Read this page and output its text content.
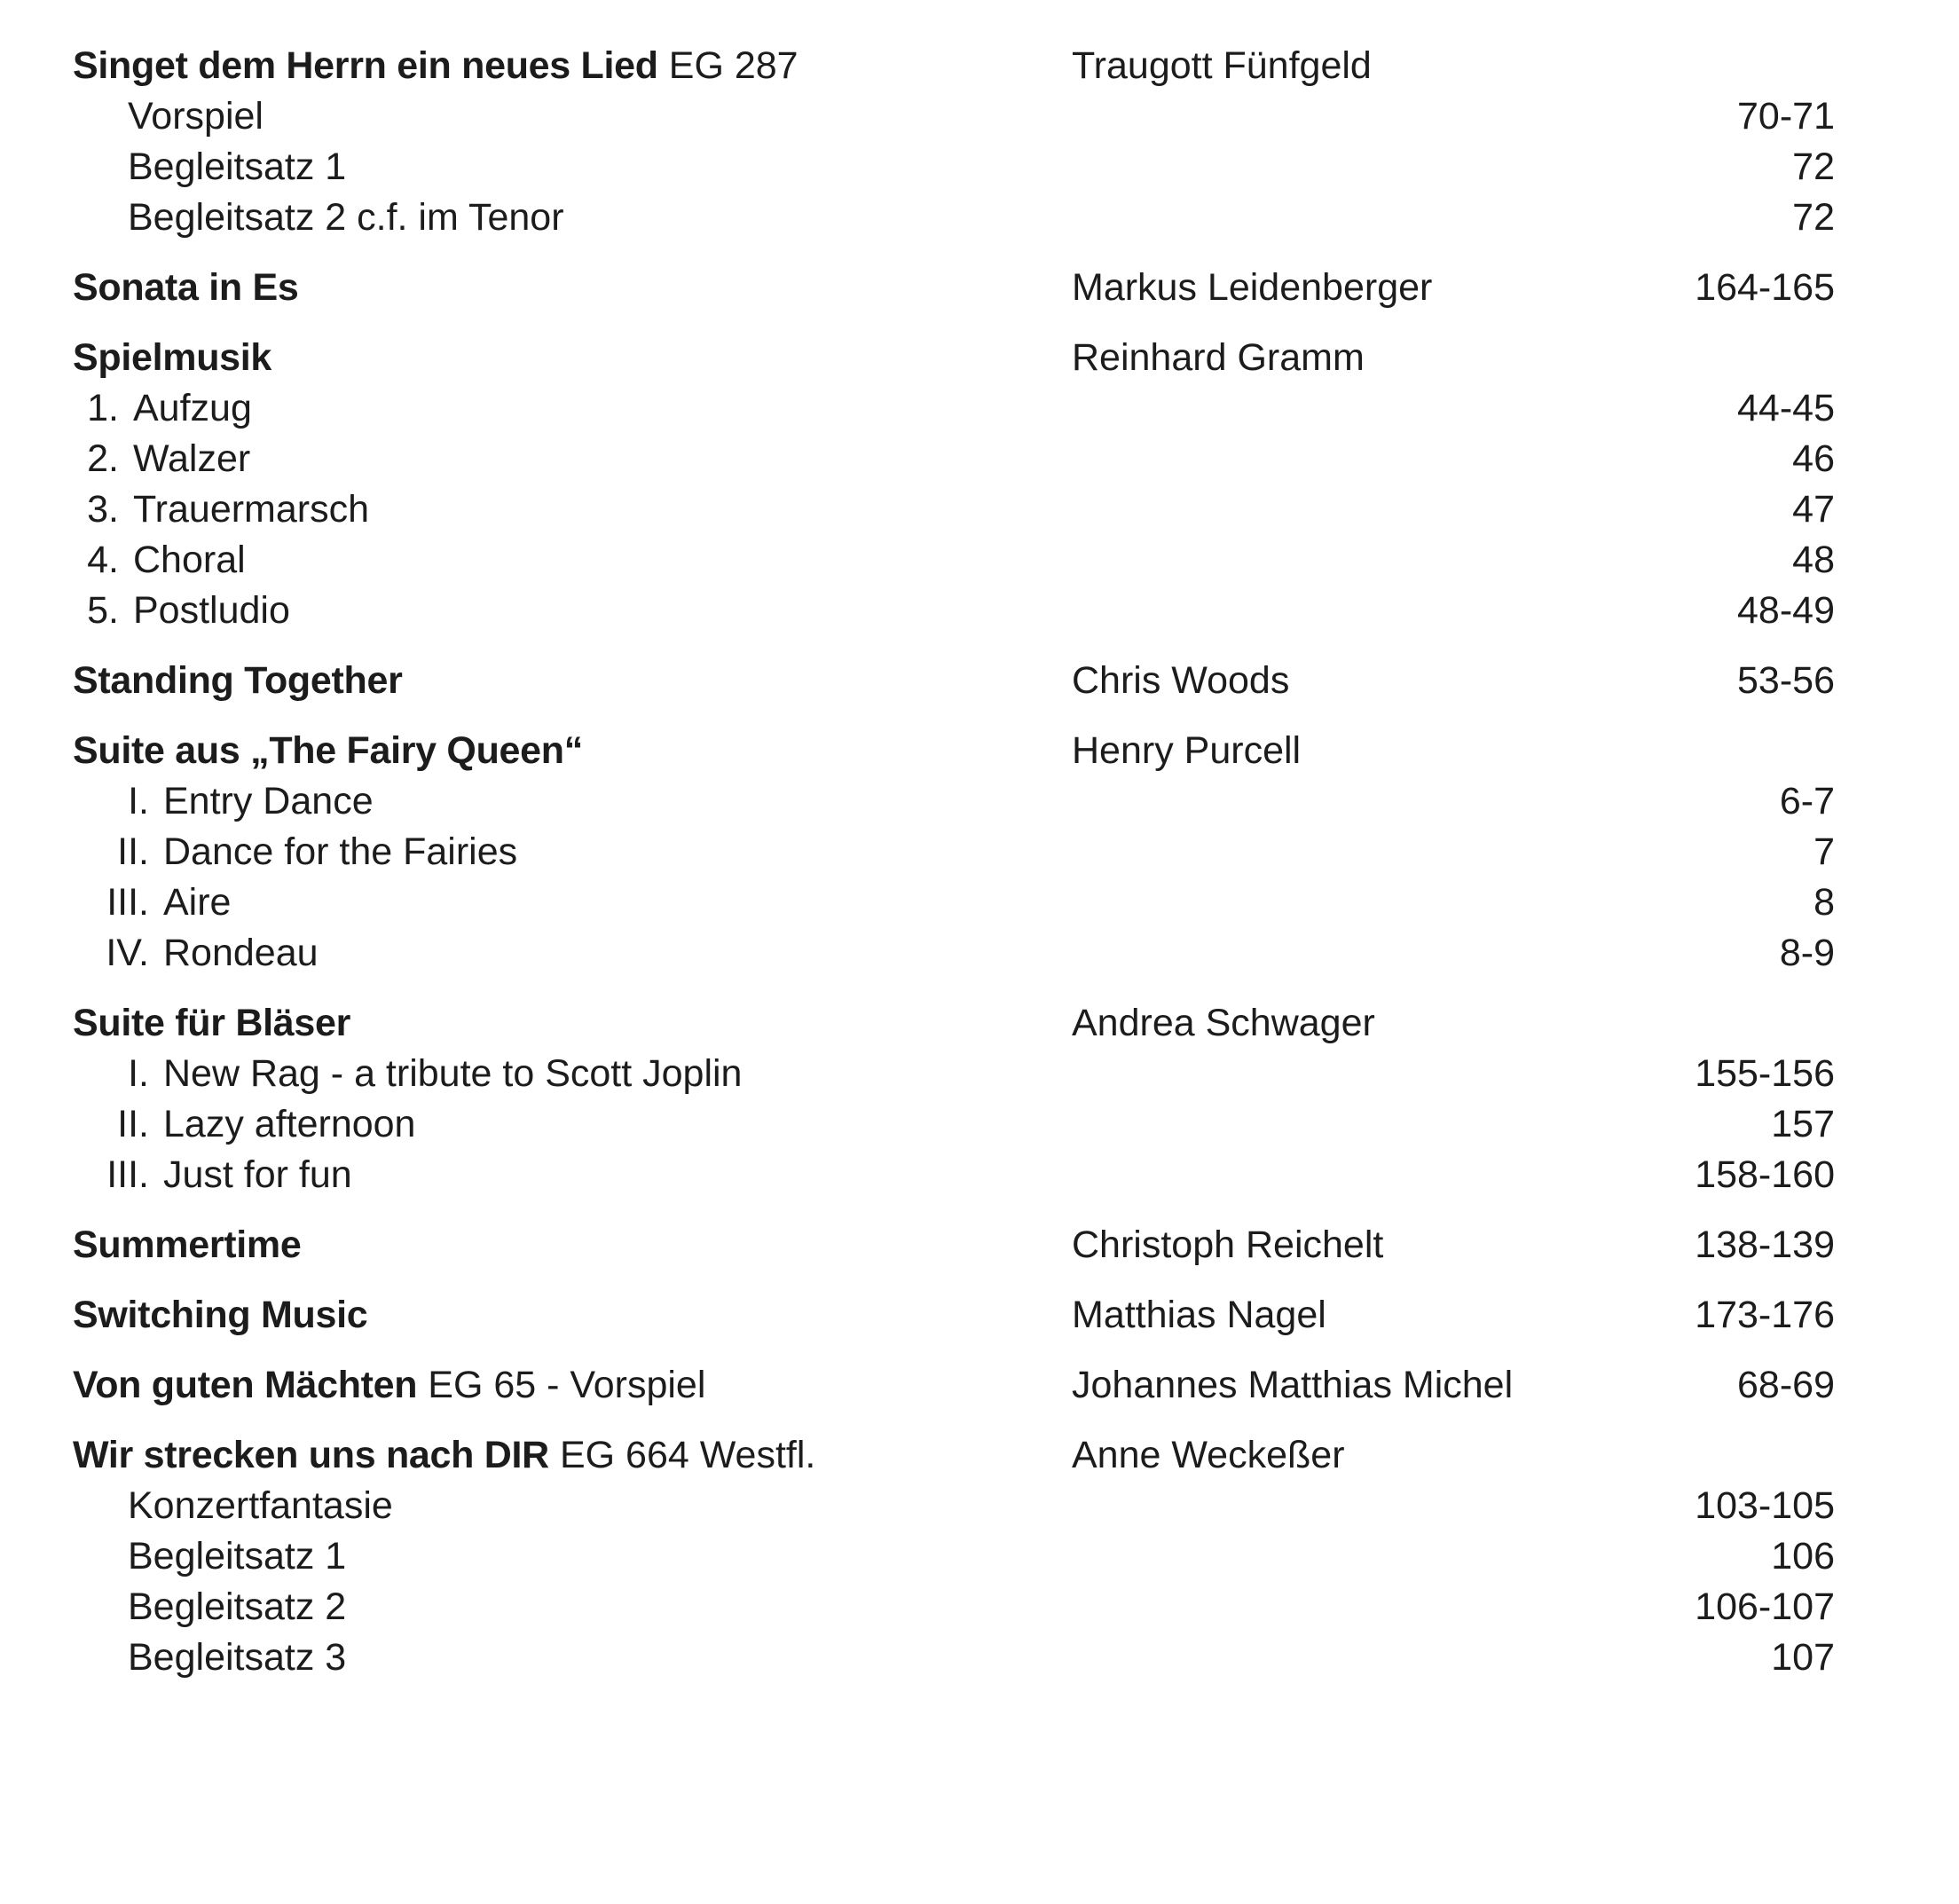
Singet dem Herrn ein neues Lied EG 287	Traugott Fünfgeld
Vorspiel	70-71
Begleitsatz 1	72
Begleitsatz 2 c.f. im Tenor	72
Sonata in Es	Markus Leidenberger	164-165
Spielmusik	Reinhard Gramm
1. Aufzug	44-45
2. Walzer	46
3. Trauermarsch	47
4. Choral	48
5. Postludio	48-49
Standing Together	Chris Woods	53-56
Suite aus „The Fairy Queen“	Henry Purcell
I. Entry Dance	6-7
II. Dance for the Fairies	7
III. Aire	8
IV. Rondeau	8-9
Suite für Bläser	Andrea Schwager
I. New Rag - a tribute to Scott Joplin	155-156
II. Lazy afternoon	157
III. Just for fun	158-160
Summertime	Christoph Reichelt	138-139
Switching Music	Matthias Nagel	173-176
Von guten Mächten EG 65 - Vorspiel	Johannes Matthias Michel	68-69
Wir strecken uns nach DIR EG 664 Westfl.	Anne Weckeßer
Konzertfantasie	103-105
Begleitsatz 1	106
Begleitsatz 2	106-107
Begleitsatz 3	107
